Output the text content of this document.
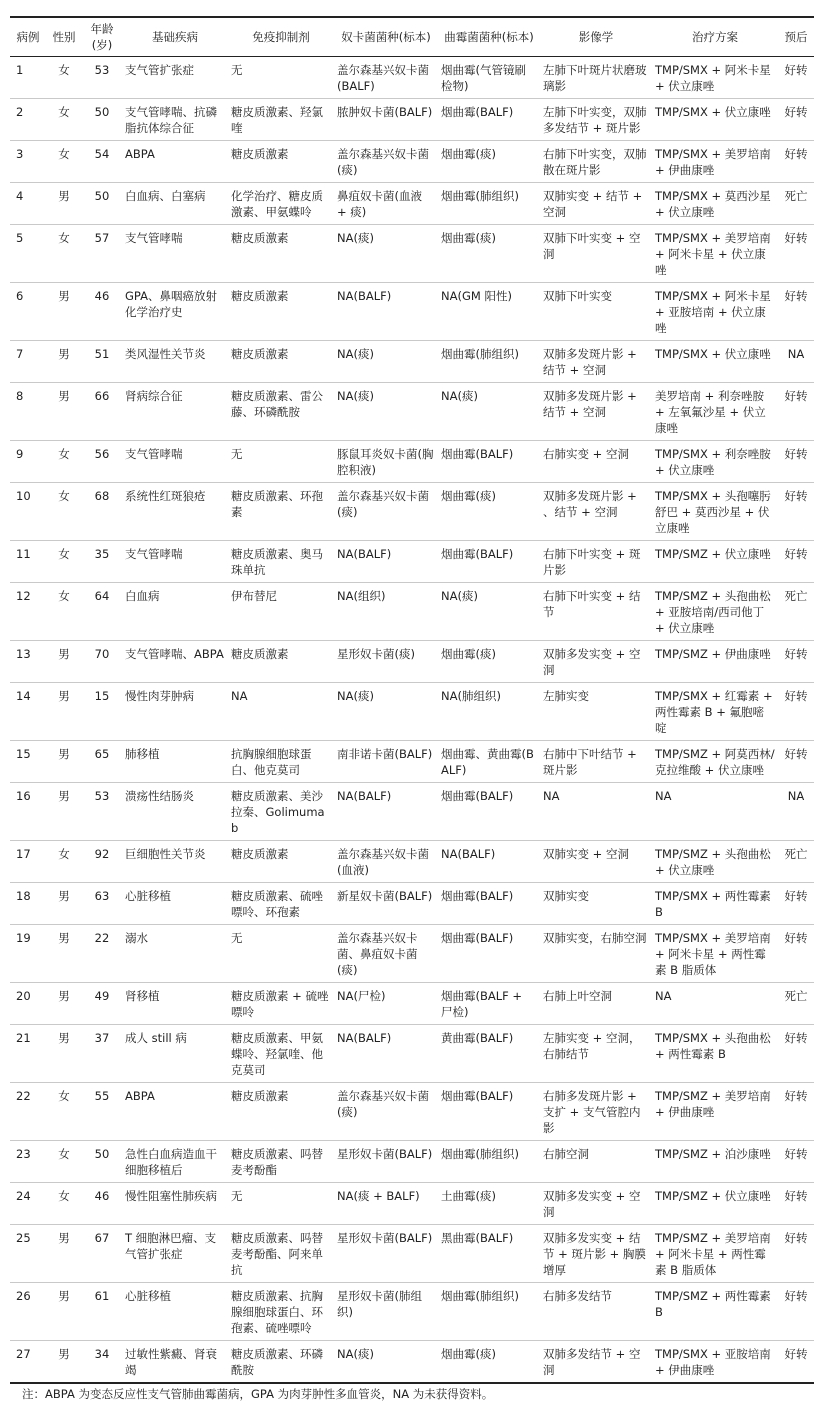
病例	性别	年龄(岁)	基础疾病	免疫抑制剂	奴卡菌菌种(标本)	曲霉菌菌种(标本)	影像学	治疗方案	预后
1	女	53	支气管扩张症	无	盖尔森基兴奴卡菌(BALF)	烟曲霉(气管镜刷检物)	左肺下叶斑片状磨玻璃影	TMP/SMX + 阿米卡星 + 伏立康唑	好转
2	女	50	支气管哮喘、抗磷脂抗体综合征	糖皮质激素、羟氯喹	脓肿奴卡菌(BALF)	烟曲霉(BALF)	左肺下叶实变，双肺多发结节 + 斑片影	TMP/SMX + 伏立康唑	好转
3	女	54	ABPA	糖皮质激素	盖尔森基兴奴卡菌(痰)	烟曲霉(痰)	右肺下叶实变，双肺散在斑片影	TMP/SMX + 美罗培南 + 伊曲康唑	好转
4	男	50	白血病、白塞病	化学治疗、糖皮质激素、甲氨蝶呤	鼻疽奴卡菌(血液 + 痰)	烟曲霉(肺组织)	双肺实变 + 结节 + 空洞	TMP/SMX + 莫西沙星 + 伏立康唑	死亡
5	女	57	支气管哮喘	糖皮质激素	NA(痰)	烟曲霉(痰)	双肺下叶实变 + 空洞	TMP/SMX + 美罗培南 + 阿米卡星 + 伏立康唑	好转
6	男	46	GPA、鼻咽癌放射化学治疗史	糖皮质激素	NA(BALF)	NA(GM 阳性)	双肺下叶实变	TMP/SMX + 阿米卡星 + 亚胺培南 + 伏立康唑	好转
7	男	51	类风湿性关节炎	糖皮质激素	NA(痰)	烟曲霉(肺组织)	双肺多发斑片影 + 结节 + 空洞	TMP/SMX + 伏立康唑	NA
8	男	66	肾病综合征	糖皮质激素、雷公藤、环磷酰胺	NA(痰)	NA(痰)	双肺多发斑片影 + 结节 + 空洞	美罗培南 + 利奈唑胺 + 左氧氟沙星 + 伏立康唑	好转
9	女	56	支气管哮喘	无	豚鼠耳炎奴卡菌(胸腔积液)	烟曲霉(BALF)	右肺实变 + 空洞	TMP/SMX + 利奈唑胺 + 伏立康唑	好转
10	女	68	系统性红斑狼疮	糖皮质激素、环孢素	盖尔森基兴奴卡菌(痰)	烟曲霉(痰)	双肺多发斑片影 + 、结节 + 空洞	TMP/SMX + 头孢噻肟舒巴 + 莫西沙星 + 伏立康唑	好转
11	女	35	支气管哮喘	糖皮质激素、奥马珠单抗	NA(BALF)	烟曲霉(BALF)	右肺下叶实变 + 斑片影	TMP/SMZ + 伏立康唑	好转
12	女	64	白血病	伊布替尼	NA(组织)	NA(痰)	右肺下叶实变 + 结节	TMP/SMZ + 头孢曲松 + 亚胺培南/西司他丁 + 伏立康唑	死亡
13	男	70	支气管哮喘、ABPA	糖皮质激素	星形奴卡菌(痰)	烟曲霉(痰)	双肺多发实变 + 空洞	TMP/SMZ + 伊曲康唑	好转
14	男	15	慢性肉芽肿病	NA	NA(痰)	NA(肺组织)	左肺实变	TMP/SMX + 红霉素 + 两性霉素 B + 氟胞嘧啶	好转
15	男	65	肺移植	抗胸腺细胞球蛋白、他克莫司	南非诺卡菌(BALF)	烟曲霉、黄曲霉(BALF)	右肺中下叶结节 + 斑片影	TMP/SMZ + 阿莫西林/克拉维酸 + 伏立康唑	好转
16	男	53	溃疡性结肠炎	糖皮质激素、美沙拉秦、Golimumab	NA(BALF)	烟曲霉(BALF)	NA	NA	NA
17	女	92	巨细胞性关节炎	糖皮质激素	盖尔森基兴奴卡菌(血液)	NA(BALF)	双肺实变 + 空洞	TMP/SMZ + 头孢曲松 + 伏立康唑	死亡
18	男	63	心脏移植	糖皮质激素、硫唑嘌呤、环孢素	新星奴卡菌(BALF)	烟曲霉(BALF)	双肺实变	TMP/SMX + 两性霉素 B	好转
19	男	22	溺水	无	盖尔森基兴奴卡菌、鼻疽奴卡菌(痰)	烟曲霉(BALF)	双肺实变，右肺空洞	TMP/SMX + 美罗培南 + 阿米卡星 + 两性霉素 B 脂质体	好转
20	男	49	肾移植	糖皮质激素 + 硫唑嘌呤	NA(尸检)	烟曲霉(BALF + 尸检)	右肺上叶空洞	NA	死亡
21	男	37	成人 still 病	糖皮质激素、甲氨蝶呤、羟氯喹、他克莫司	NA(BALF)	黄曲霉(BALF)	左肺实变 + 空洞，右肺结节	TMP/SMX + 头孢曲松 + 两性霉素 B	好转
22	女	55	ABPA	糖皮质激素	盖尔森基兴奴卡菌(痰)	烟曲霉(BALF)	右肺多发斑片影 + 支扩 + 支气管腔内影	TMP/SMZ + 美罗培南 + 伊曲康唑	好转
23	女	50	急性白血病造血干细胞移植后	糖皮质激素、吗替麦考酚酯	星形奴卡菌(BALF)	烟曲霉(肺组织)	右肺空洞	TMP/SMZ + 泊沙康唑	好转
24	女	46	慢性阻塞性肺疾病	无	NA(痰 + BALF)	土曲霉(痰)	双肺多发实变 + 空洞	TMP/SMZ + 伏立康唑	好转
25	男	67	T 细胞淋巴瘤、支气管扩张症	糖皮质激素、吗替麦考酚酯、阿来单抗	星形奴卡菌(BALF)	黑曲霉(BALF)	双肺多发实变 + 结节 + 斑片影 + 胸膜增厚	TMP/SMZ + 美罗培南 + 阿米卡星 + 两性霉素 B 脂质体	好转
26	男	61	心脏移植	糖皮质激素、抗胸腺细胞球蛋白、环孢素、硫唑嘌呤	星形奴卡菌(肺组织)	烟曲霉(肺组织)	右肺多发结节	TMP/SMZ + 两性霉素 B	好转
27	男	34	过敏性紫癜、肾衰竭	糖皮质激素、环磷酰胺	NA(痰)	烟曲霉(痰)	双肺多发结节 + 空洞	TMP/SMX + 亚胺培南 + 伊曲康唑	好转
注：ABPA 为变态反应性支气管肺曲霉菌病，GPA 为肉芽肿性多血管炎，NA 为未获得资料。
